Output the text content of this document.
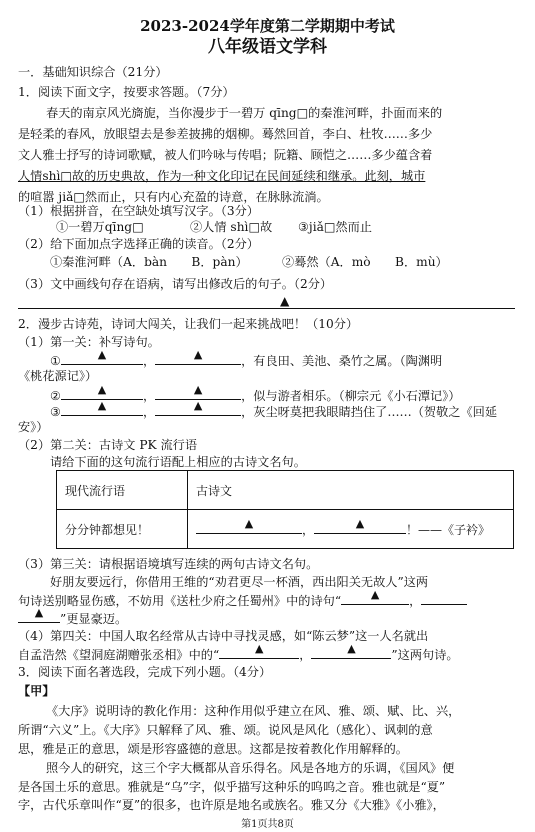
2023-2024学年度第二学期期中考试
八年级语文学科
一．基础知识综合（21分）
1．阅读下面文字，按要求答题。（7分）
春天的南京风光旖旎，当你漫步于一碧万 qīng□的秦淮河畔，扑面而来的
是轻柔的春风，放眼望去是参差披拂的烟柳。蓦然回首，李白、杜牧……多少
文人雅士抒写的诗词歌赋，被人们吟咏与传唱；阮籍、顾恺之……多少蕴含着
人情shì□故的历史典故，作为一种文化印记在民间延续和继承。此刻，城市
的喧嚣 jiǎ□然而止，只有内心充盈的诗意，在脉脉流淌。
（1）根据拼音，在空缺处填写汉字。（3分）
①一碧万qīng□	②人情 shì□故	③jiǎ□然而止
（2）给下面加点字选择正确的读音。（2分）
①秦淮河畔（A．bàn　　B．pàn）	②蓦然（A．mò　　B．mù）
（3）文中画线句存在语病，请写出修改后的句子。（2分）
▲
2．漫步古诗苑，诗词大闯关，让我们一起来挑战吧！（10分）
（1）第一关：补写诗句。
①	▲	，	▲	，有良田、美池、桑竹之属。（陶渊明
《桃花源记》）
②	▲	，	▲	，似与游者相乐。（柳宗元《小石潭记》）
③	▲	，	▲	，灰尘呀莫把我眼睛挡住了……（贺敬之《回延
安》）
（2）第二关：古诗文 PK 流行语
请给下面的这句流行语配上相应的古诗文名句。
现代流行语	古诗文
分分钟都想见！	▲ ， ▲ ！——《子衿》
（3）第三关：请根据语境填写连续的两句古诗文名句。
好朋友要远行，你借用王维的“劝君更尽一杯酒，西出阳关无故人”这两
句诗送别略显伤感，不妨用《送杜少府之任蜀州》中的诗句“	▲ ，
▲ ”更显豪迈。
（4）第四关：中国人取名经常从古诗中寻找灵感，如“陈云梦”这一人名就出
自孟浩然《望洞庭湖赠张丞相》中的“	▲	，	▲	”这两句诗。
3．阅读下面名著选段，完成下列小题。（4分）
【甲】
《大序》说明诗的教化作用：这种作用似乎建立在风、雅、颂、赋、比、兴，
所谓“六义”上。《大序》只解释了风、雅、颂。说风是风化（感化）、讽刺的意
思，雅是正的意思，颂是形容盛德的意思。这都是按着教化作用解释的。
照今人的研究，这三个字大概都从音乐得名。风是各地方的乐调，《国风》便
是各国土乐的意思。雅就是“乌”字，似乎描写这种乐的呜呜之音。雅也就是“夏”
字，古代乐章叫作“夏”的很多，也许原是地名或族名。雅又分《大雅》《小雅》，
第1页共8页
